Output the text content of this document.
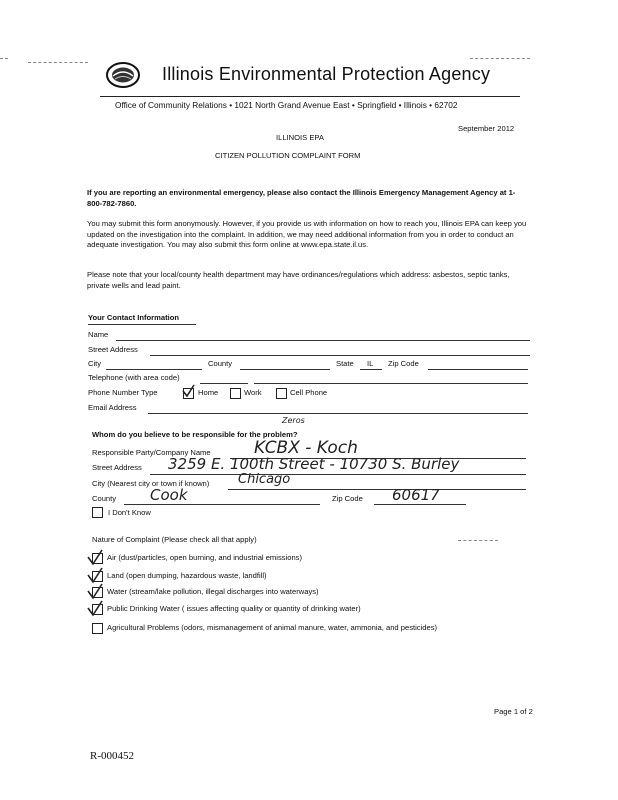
Illinois Environmental Protection Agency
Office of Community Relations • 1021 North Grand Avenue East • Springfield • Illinois • 62702
September 2012
ILLINOIS EPA
CITIZEN POLLUTION COMPLAINT FORM
If you are reporting an environmental emergency, please also contact the Illinois Emergency Management Agency at 1-800-782-7860.
You may submit this form anonymously. However, if you provide us with information on how to reach you, Illinois EPA can keep you updated on the investigation into the complaint. In addition, we may need additional information from you in order to conduct an adequate investigation. You may also submit this form online at www.epa.state.il.us.
Please note that your local/county health department may have ordinances/regulations which address: asbestos, septic tanks, private wells and lead paint.
Your Contact Information
Name
Street Address
City	County	State IL Zip Code
Telephone (with area code)
Phone Number Type	Home	Work	Cell Phone
Email Address
Zeros
Whom do you believe to be responsible for the problem?
Responsible Party/Company Name	KCBX - Koch
Street Address 3259 E. 100th Street - 10730 S. Burley
City (Nearest city or town if known) Chicago
County Cook	Zip Code 60617
I Don't Know
Nature of Complaint (Please check all that apply)
Air (dust/particles, open burning, and industrial emissions)
Land (open dumping, hazardous waste, landfill)
Water (stream/lake pollution, illegal discharges into waterways)
Public Drinking Water ( issues affecting quality or quantity of drinking water)
Agricultural Problems (odors, mismanagement of animal manure, water, ammonia, and pesticides)
Page 1 of 2
R-000452
